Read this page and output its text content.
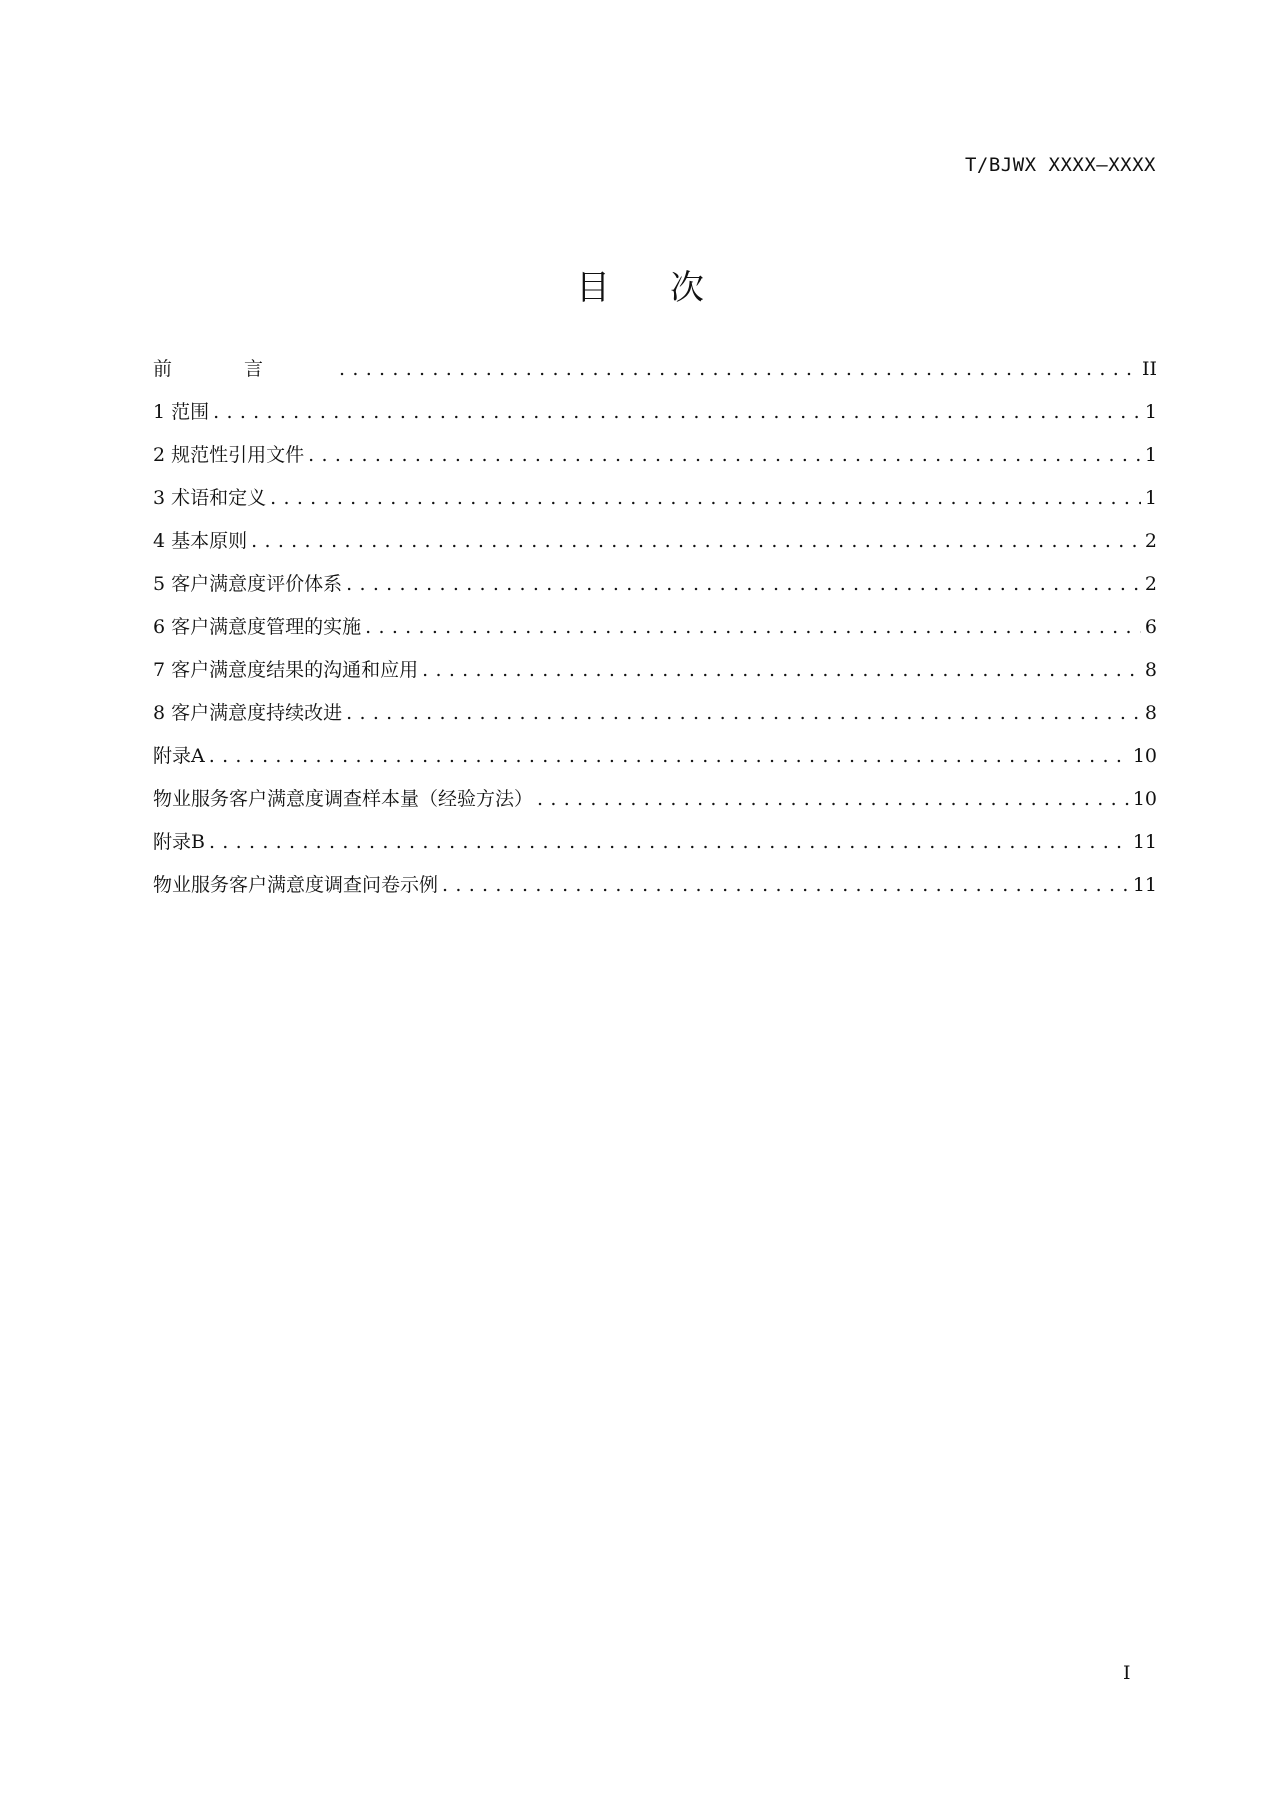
T/BJWX XXXX—XXXX
目次
前言 .....	II
1 范围 .....	1
2 规范性引用文件 .....	1
3 术语和定义 .....	1
4 基本原则 .....	2
5 客户满意度评价体系 .....	2
6 客户满意度管理的实施 .....	6
7 客户满意度结果的沟通和应用 .....	8
8 客户满意度持续改进 .....	8
附录A .....	10
物业服务客户满意度调查样本量（经验方法） .....	10
附录B .....	11
物业服务客户满意度调查问卷示例 .....	11
I
